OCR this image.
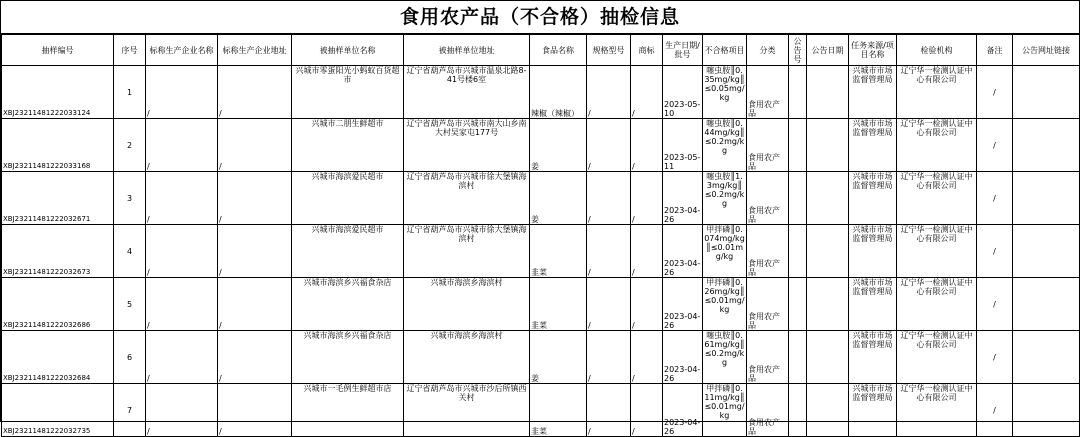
食用农产品（不合格）抽检信息
抽样编号	序号	标称生产企业名称	标称生产企业地址	被抽样单位名称	被抽样单位地址	食品名称	规格型号	商标	生产日期/批号	不合格项目	分类	公告号	公告日期	任务来源/项目名称	检验机构	备注	公告网址链接
XBJ23211481222033124	1	/	/	兴城市零蛋阳光小蚂蚁百货超市	辽宁省葫芦岛市兴城市温泉北路8-41号楼6室	辣椒（辣椒）	/	/	2023-05-10	噻虫胺║0.35mg/kg║≤0.05mg/kg	食用农产品			兴城市市场监督管理局	辽宁华一检测认证中心有限公司	/	
XBJ23211481222033168	2	/	/	兴城市二朋生鲜超市	辽宁省葫芦岛市兴城市南大山乡南大村吴家屯177号	姜	/	/	2023-05-11	噻虫胺║0.44mg/kg║≤0.2mg/kg	食用农产品			兴城市市场监督管理局	辽宁华一检测认证中心有限公司	/	
XBJ23211481222032671	3	/	/	兴城市海滨爱民超市	辽宁省葫芦岛市兴城市徐大堡镇海滨村	姜	/	/	2023-04-26	噻虫胺║1.3mg/kg║≤0.2mg/kg	食用农产品			兴城市市场监督管理局	辽宁华一检测认证中心有限公司	/	
XBJ23211481222032673	4	/	/	兴城市海滨爱民超市	辽宁省葫芦岛市兴城市徐大堡镇海滨村	韭菜	/	/	2023-04-26	甲拌磷║0.074mg/kg║≤0.01mg/kg	食用农产品			兴城市市场监督管理局	辽宁华一检测认证中心有限公司	/	
XBJ23211481222032686	5	/	/	兴城市海滨乡兴福食杂店	兴城市海滨乡海滨村	韭菜	/	/	2023-04-26	甲拌磷║0.26mg/kg║≤0.01mg/kg	食用农产品			兴城市市场监督管理局	辽宁华一检测认证中心有限公司	/	
XBJ23211481222032684	6	/	/	兴城市海滨乡兴福食杂店	兴城市海滨乡海滨村	姜	/	/	2023-04-26	噻虫胺║0.61mg/kg║≤0.2mg/kg	食用农产品			兴城市市场监督管理局	辽宁华一检测认证中心有限公司	/	
XBJ23211481222032735	7	/	/	兴城市一毛例生鲜超市店	辽宁省葫芦岛市兴城市沙后所镇西关村	韭菜	/	/	2023-04-26	甲拌磷║0.11mg/kg║≤0.01mg/kg	食用农产品			兴城市市场监督管理局	辽宁华一检测认证中心有限公司	/	
